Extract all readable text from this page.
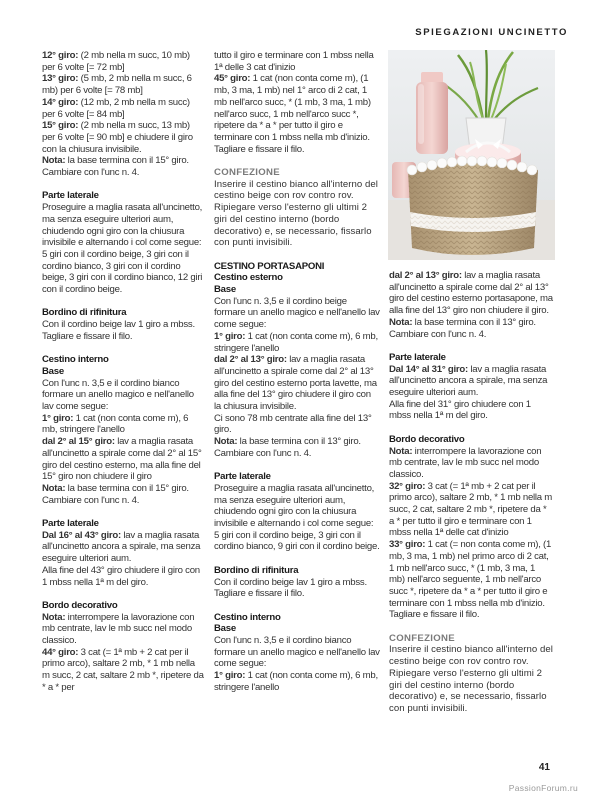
SPIEGAZIONI UNCINETTO

12° giro: (2 mb nella m succ, 10 mb) per 6 volte [= 72 mb]

13° giro: (5 mb, 2 mb nella m succ, 6 mb) per 6 volte [= 78 mb]

14° giro: (12 mb, 2 mb nella m succ) per 6 volte [= 84 mb]

15° giro: (2 mb nella m succ, 13 mb) per 6 volte [= 90 mb] e chiudere il giro con la chiusura invisibile.

Nota: la base termina con il 15° giro. Cambiare con l'unc n. 4.

Parte laterale

Proseguire a maglia rasata all'uncinetto, ma senza eseguire ulteriori aum, chiudendo ogni giro con la chiusura invisibile e alternando i col come segue:

5 giri con il cordino beige, 3 giri con il cordino bianco, 3 giri con il cordino beige, 3 giri con il cordino bianco, 12 giri con il cordino beige.

Bordino di rifinitura

Con il cordino beige lav 1 giro a mbss. Tagliare e fissare il filo.

Cestino interno

Base

Con l'unc n. 3,5 e il cordino bianco formare un anello magico e nell'anello lav come segue:

1° giro: 1 cat (non conta come m), 6 mb, stringere l'anello

dal 2° al 15° giro: lav a maglia rasata all'uncinetto a spirale come dal 2° al 15° giro del cestino esterno, ma alla fine del 15° giro non chiudere il giro

Nota: la base termina con il 15° giro. Cambiare con l'unc n. 4.

Parte laterale

Dal 16° al 43° giro: lav a maglia rasata all'uncinetto ancora a spirale, ma senza eseguire ulteriori aum.

Alla fine del 43° giro chiudere il giro con 1 mbss nella 1ª m del giro.

Bordo decorativo

Nota: interrompere la lavorazione con mb centrate, lav le mb succ nel modo classico.

44° giro: 3 cat (= 1ª mb + 2 cat per il primo arco), saltare 2 mb, * 1 mb nella m succ, 2 cat, saltare 2 mb *, ripetere da * a * per

tutto il giro e terminare con 1 mbss nella 1ª delle 3 cat d'inizio

45° giro: 1 cat (non conta come m), (1 mb, 3 ma, 1 mb) nel 1° arco di 2 cat, 1 mb nell'arco succ, * (1 mb, 3 ma, 1 mb) nell'arco succ, 1 mb nell'arco succ *, ripetere da * a * per tutto il giro e terminare con 1 mbss nella mb d'inizio.

Tagliare e fissare il filo.

CONFEZIONE

Inserire il cestino bianco all'interno del cestino beige con rov contro rov. Ripiegare verso l'esterno gli ultimi 2 giri del cestino interno (bordo decorativo) e, se necessario, fissarlo con punti invisibili.

CESTINO PORTASAPONI

Cestino esterno

Base

Con l'unc n. 3,5 e il cordino beige formare un anello magico e nell'anello lav come segue:

1° giro: 1 cat (non conta come m), 6 mb, stringere l'anello

dal 2° al 13° giro: lav a maglia rasata all'uncinetto a spirale come dal 2° al 13° giro del cestino esterno porta lavette, ma alla fine del 13° giro chiudere il giro con la chiusura invisibile.

Ci sono 78 mb centrate alla fine del 13° giro.

Nota: la base termina con il 13° giro. Cambiare con l'unc n. 4.

Parte laterale

Proseguire a maglia rasata all'uncinetto, ma senza eseguire ulteriori aum, chiudendo ogni giro con la chiusura invisibile e alternando i col come segue:

5 giri con il cordino beige, 3 giri con il cordino bianco, 9 giri con il cordino beige.

Bordino di rifinitura

Con il cordino beige lav 1 giro a mbss. Tagliare e fissare il filo.

Cestino interno

Base

Con l'unc n. 3,5 e il cordino bianco formare un anello magico e nell'anello lav come segue:

1° giro: 1 cat (non conta come m), 6 mb, stringere l'anello

dal 2° al 13° giro: lav a maglia rasata all'uncinetto a spirale come dal 2° al 13° giro del cestino esterno portasapone, ma alla fine del 13° giro non chiudere il giro.

Nota: la base termina con il 13° giro. Cambiare con l'unc n. 4.

Parte laterale

Dal 14° al 31° giro: lav a maglia rasata all'uncinetto ancora a spirale, ma senza eseguire ulteriori aum.

Alla fine del 31° giro chiudere con 1 mbss nella 1ª m del giro.

Bordo decorativo

Nota: interrompere la lavorazione con mb centrate, lav le mb succ nel modo classico.

32° giro: 3 cat (= 1ª mb + 2 cat per il primo arco), saltare 2 mb, * 1 mb nella m succ, 2 cat, saltare 2 mb *, ripetere da * a * per tutto il giro e terminare con 1 mbss nella 1ª delle cat d'inizio

33° giro: 1 cat (= non conta come m), (1 mb, 3 ma, 1 mb) nel primo arco di 2 cat, 1 mb nell'arco succ, * (1 mb, 3 ma, 1 mb) nell'arco seguente, 1 mb nell'arco succ *, ripetere da * a * per tutto il giro e terminare con 1 mbss nella mb d'inizio.

Tagliare e fissare il filo.

CONFEZIONE

Inserire il cestino bianco all'interno del cestino beige con rov contro rov. Ripiegare verso l'esterno gli ultimi 2 giri del cestino interno (bordo decorativo) e, se necessario, fissarlo con punti invisibili.

41
PassionForum.ru
